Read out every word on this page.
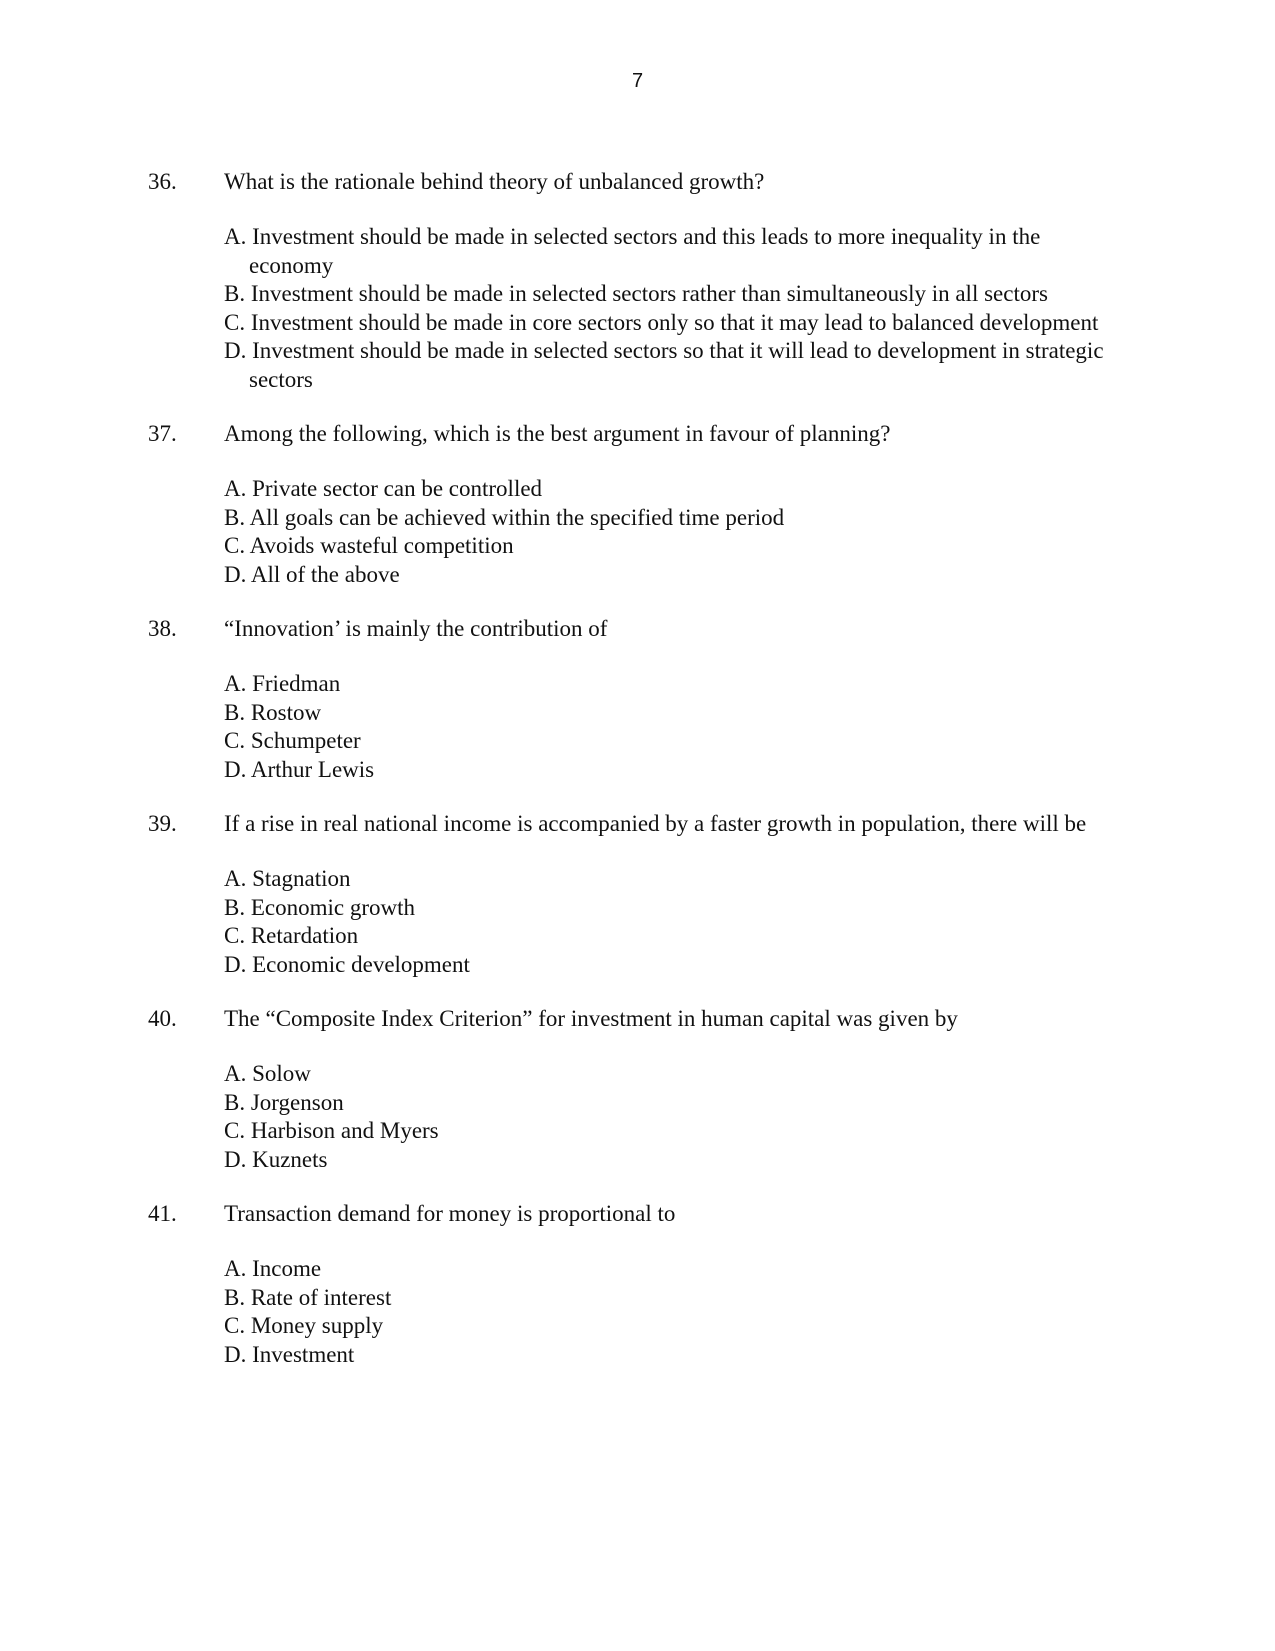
7
36. What is the rationale behind theory of unbalanced growth?
A. Investment should be made in selected sectors and this leads to more inequality in the economy
B. Investment should be made in selected sectors rather than simultaneously in all sectors
C. Investment should be made in core sectors only so that it may lead to balanced development
D. Investment should be made in selected sectors so that it will lead to development in strategic sectors
37. Among the following, which is the best argument in favour of planning?
A. Private sector can be controlled
B. All goals can be achieved within the specified time period
C. Avoids wasteful competition
D. All of the above
38. “Innovation’ is mainly the contribution of
A. Friedman
B. Rostow
C. Schumpeter
D. Arthur Lewis
39. If a rise in real national income is accompanied by a faster growth in population, there will be
A. Stagnation
B. Economic growth
C. Retardation
D. Economic development
40. The “Composite Index Criterion” for investment in human capital was given by
A. Solow
B. Jorgenson
C. Harbison and Myers
D. Kuznets
41. Transaction demand for money is proportional to
A. Income
B. Rate of interest
C. Money supply
D. Investment
